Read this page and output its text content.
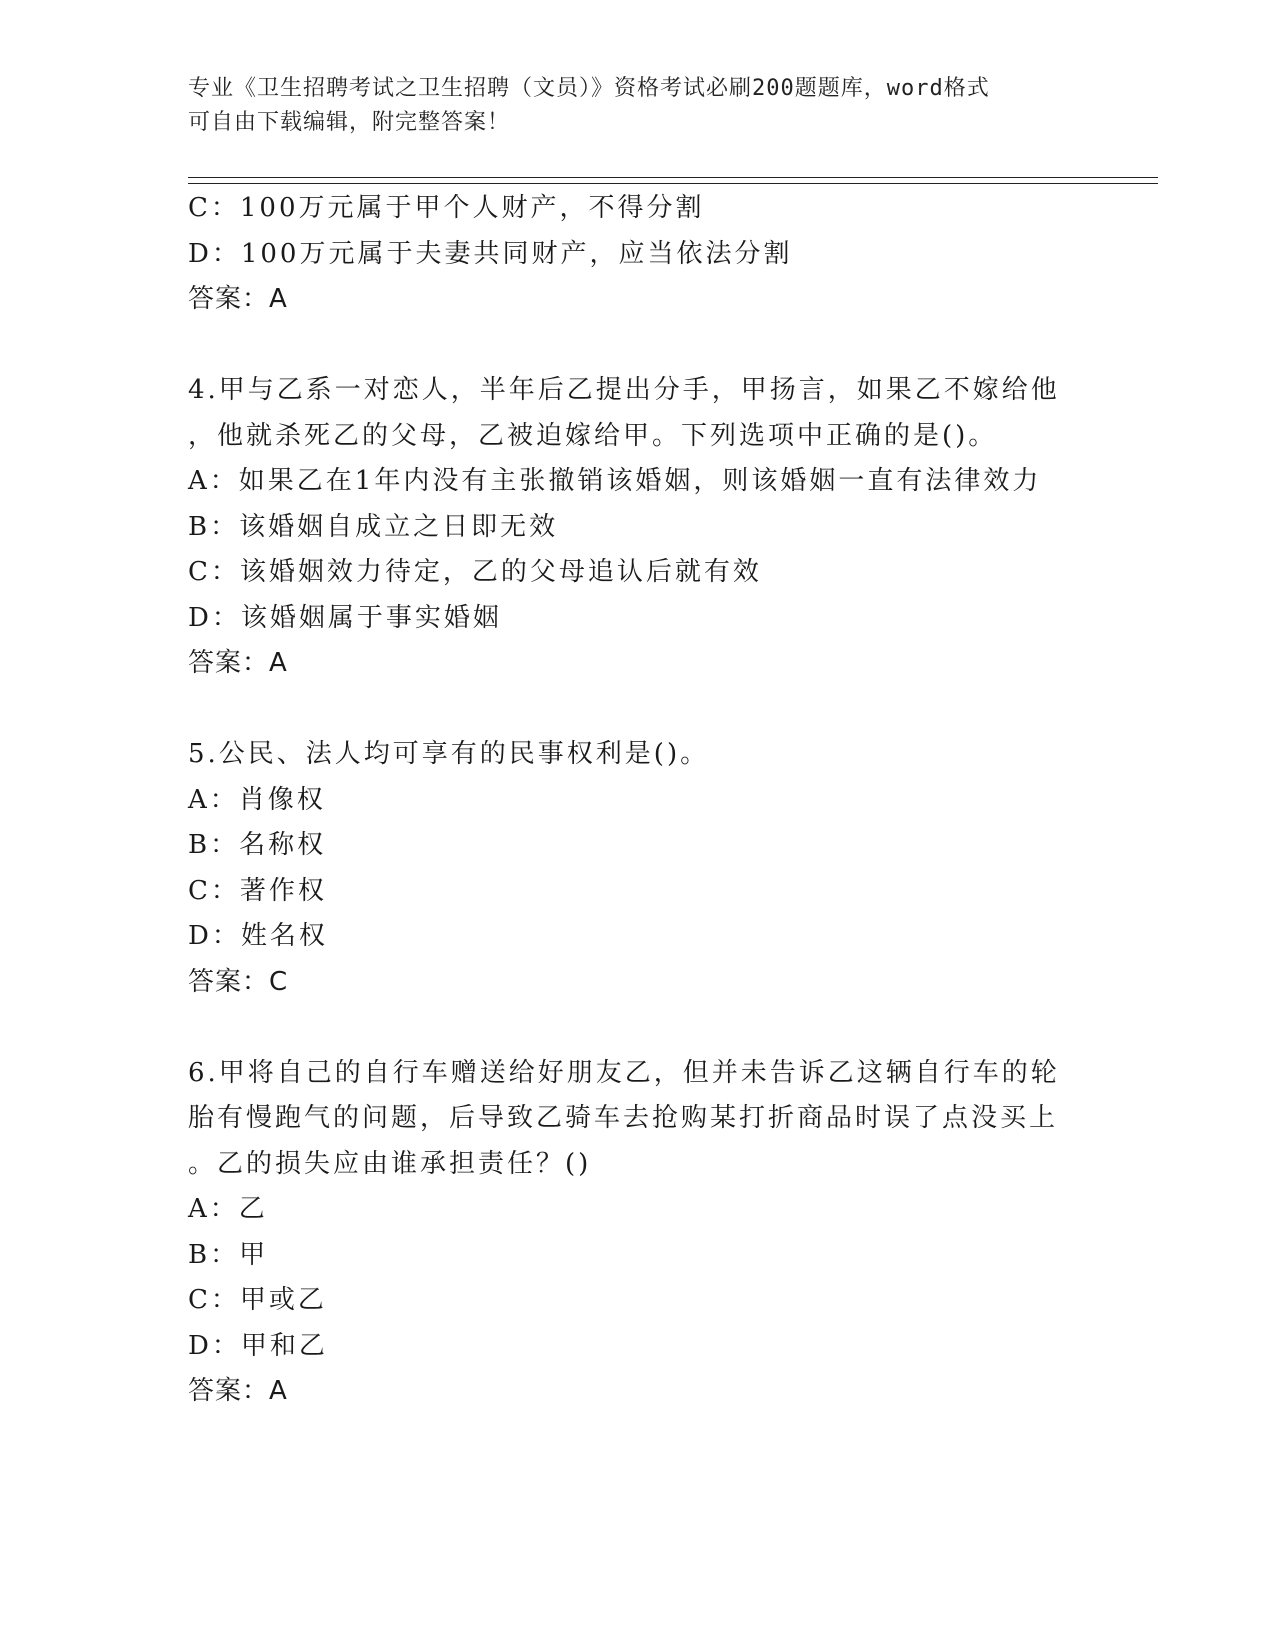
专业《卫生招聘考试之卫生招聘（文员）》资格考试必刷200题题库，word格式
可自由下载编辑，附完整答案！
C：100万元属于甲个人财产，不得分割
D：100万元属于夫妻共同财产，应当依法分割
答案：A
4.甲与乙系一对恋人，半年后乙提出分手，甲扬言，如果乙不嫁给他
，他就杀死乙的父母，乙被迫嫁给甲。下列选项中正确的是()。
A：如果乙在1年内没有主张撤销该婚姻，则该婚姻一直有法律效力
B：该婚姻自成立之日即无效
C：该婚姻效力待定，乙的父母追认后就有效
D：该婚姻属于事实婚姻
答案：A
5.公民、法人均可享有的民事权利是()。
A：肖像权
B：名称权
C：著作权
D：姓名权
答案：C
6.甲将自己的自行车赠送给好朋友乙，但并未告诉乙这辆自行车的轮
胎有慢跑气的问题，后导致乙骑车去抢购某打折商品时误了点没买上
。乙的损失应由谁承担责任？()
A：乙
B：甲
C：甲或乙
D：甲和乙
答案：A
